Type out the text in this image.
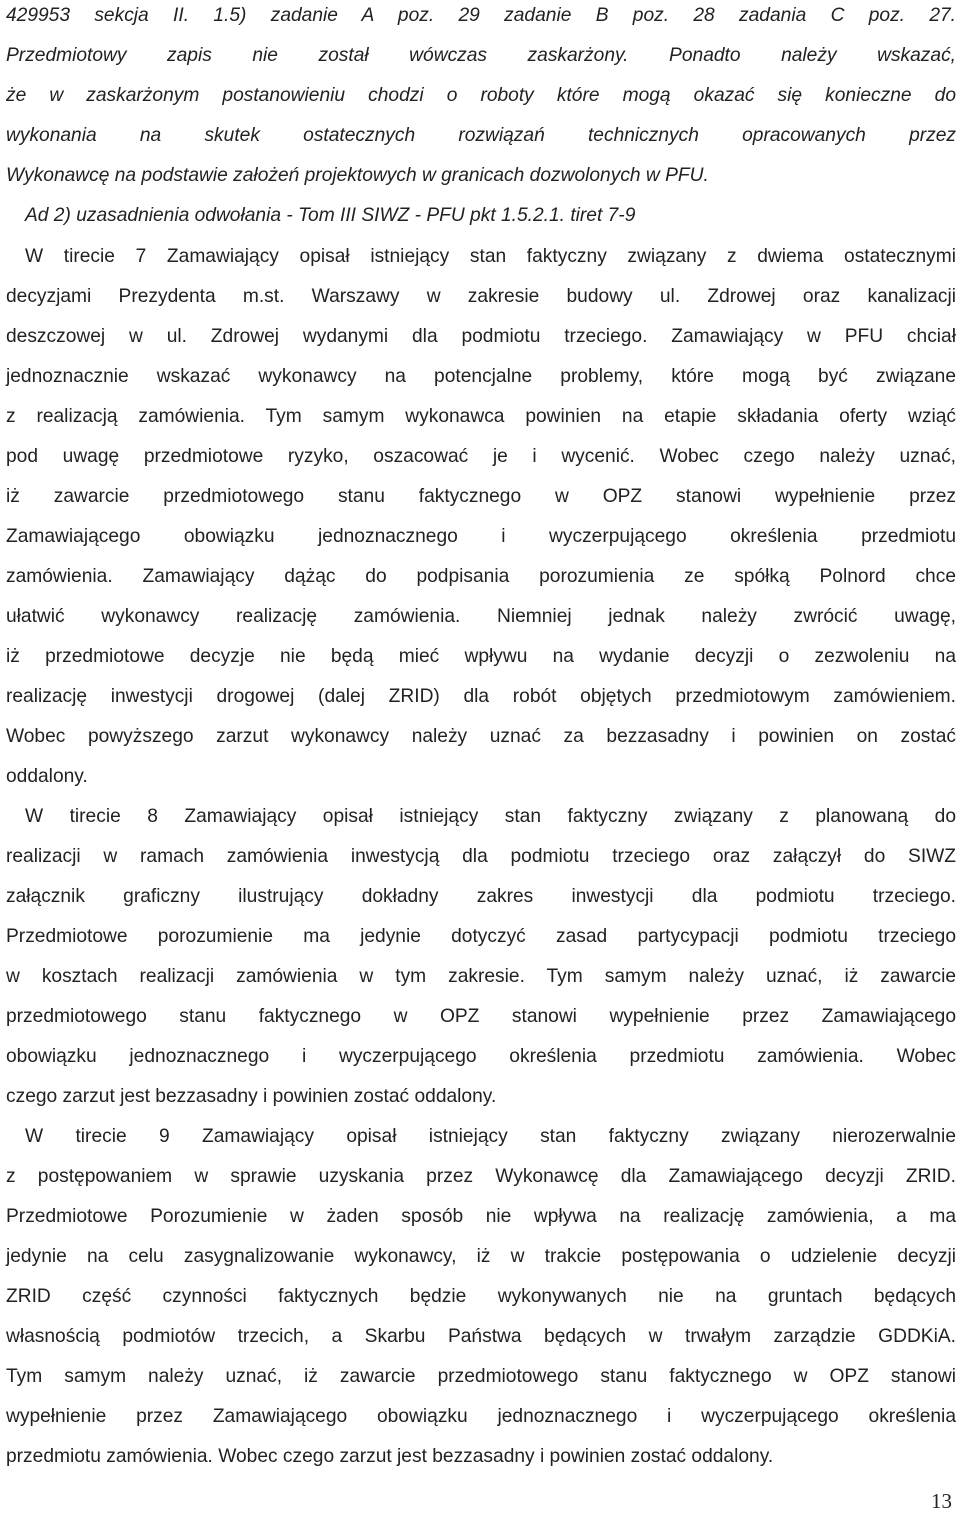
429953 sekcja II. 1.5) zadanie A poz. 29 zadanie B poz. 28 zadania C poz. 27.
Przedmiotowy zapis nie został wówczas zaskarżony. Ponadto należy wskazać,
że w zaskarżonym postanowieniu chodzi o roboty które mogą okazać się konieczne do
wykonania na skutek ostatecznych rozwiązań technicznych opracowanych przez
Wykonawcę na podstawie założeń projektowych w granicach dozwolonych w PFU.
Ad 2) uzasadnienia odwołania - Tom III SIWZ - PFU pkt 1.5.2.1. tiret 7-9
W tirecie 7 Zamawiający opisał istniejący stan faktyczny związany z dwiema ostatecznymi
decyzjami Prezydenta m.st. Warszawy w zakresie budowy ul. Zdrowej oraz kanalizacji
deszczowej w ul. Zdrowej wydanymi dla podmiotu trzeciego. Zamawiający w PFU chciał
jednoznacznie wskazać wykonawcy na potencjalne problemy, które mogą być związane
z realizacją zamówienia. Tym samym wykonawca powinien na etapie składania oferty wziąć
pod uwagę przedmiotowe ryzyko, oszacować je i wycenić. Wobec czego należy uznać,
iż zawarcie przedmiotowego stanu faktycznego w OPZ stanowi wypełnienie przez
Zamawiającego obowiązku jednoznacznego i wyczerpującego określenia przedmiotu
zamówienia. Zamawiający dążąc do podpisania porozumienia ze spółką Polnord chce
ułatwić wykonawcy realizację zamówienia. Niemniej jednak należy zwrócić uwagę,
iż przedmiotowe decyzje nie będą mieć wpływu na wydanie decyzji o zezwoleniu na
realizację inwestycji drogowej (dalej ZRID) dla robót objętych przedmiotowym zamówieniem.
Wobec powyższego zarzut wykonawcy należy uznać za bezzasadny i powinien on zostać
oddalony.
W tirecie 8 Zamawiający opisał istniejący stan faktyczny związany z planowaną do
realizacji w ramach zamówienia inwestycją dla podmiotu trzeciego oraz załączył do SIWZ
załącznik graficzny ilustrujący dokładny zakres inwestycji dla podmiotu trzeciego.
Przedmiotowe porozumienie ma jedynie dotyczyć zasad partycypacji podmiotu trzeciego
w kosztach realizacji zamówienia w tym zakresie. Tym samym należy uznać, iż zawarcie
przedmiotowego stanu faktycznego w OPZ stanowi wypełnienie przez Zamawiającego
obowiązku jednoznacznego i wyczerpującego określenia przedmiotu zamówienia. Wobec
czego zarzut jest bezzasadny i powinien zostać oddalony.
W tirecie 9 Zamawiający opisał istniejący stan faktyczny związany nierozerwalnie
z postępowaniem w sprawie uzyskania przez Wykonawcę dla Zamawiającego decyzji ZRID.
Przedmiotowe Porozumienie w żaden sposób nie wpływa na realizację zamówienia, a ma
jedynie na celu zasygnalizowanie wykonawcy, iż w trakcie postępowania o udzielenie decyzji
ZRID część czynności faktycznych będzie wykonywanych nie na gruntach będących
własnością podmiotów trzecich, a Skarbu Państwa będących w trwałym zarządzie GDDKiA.
Tym samym należy uznać, iż zawarcie przedmiotowego stanu faktycznego w OPZ stanowi
wypełnienie przez Zamawiającego obowiązku jednoznacznego i wyczerpującego określenia
przedmiotu zamówienia. Wobec czego zarzut jest bezzasadny i powinien zostać oddalony.
13
